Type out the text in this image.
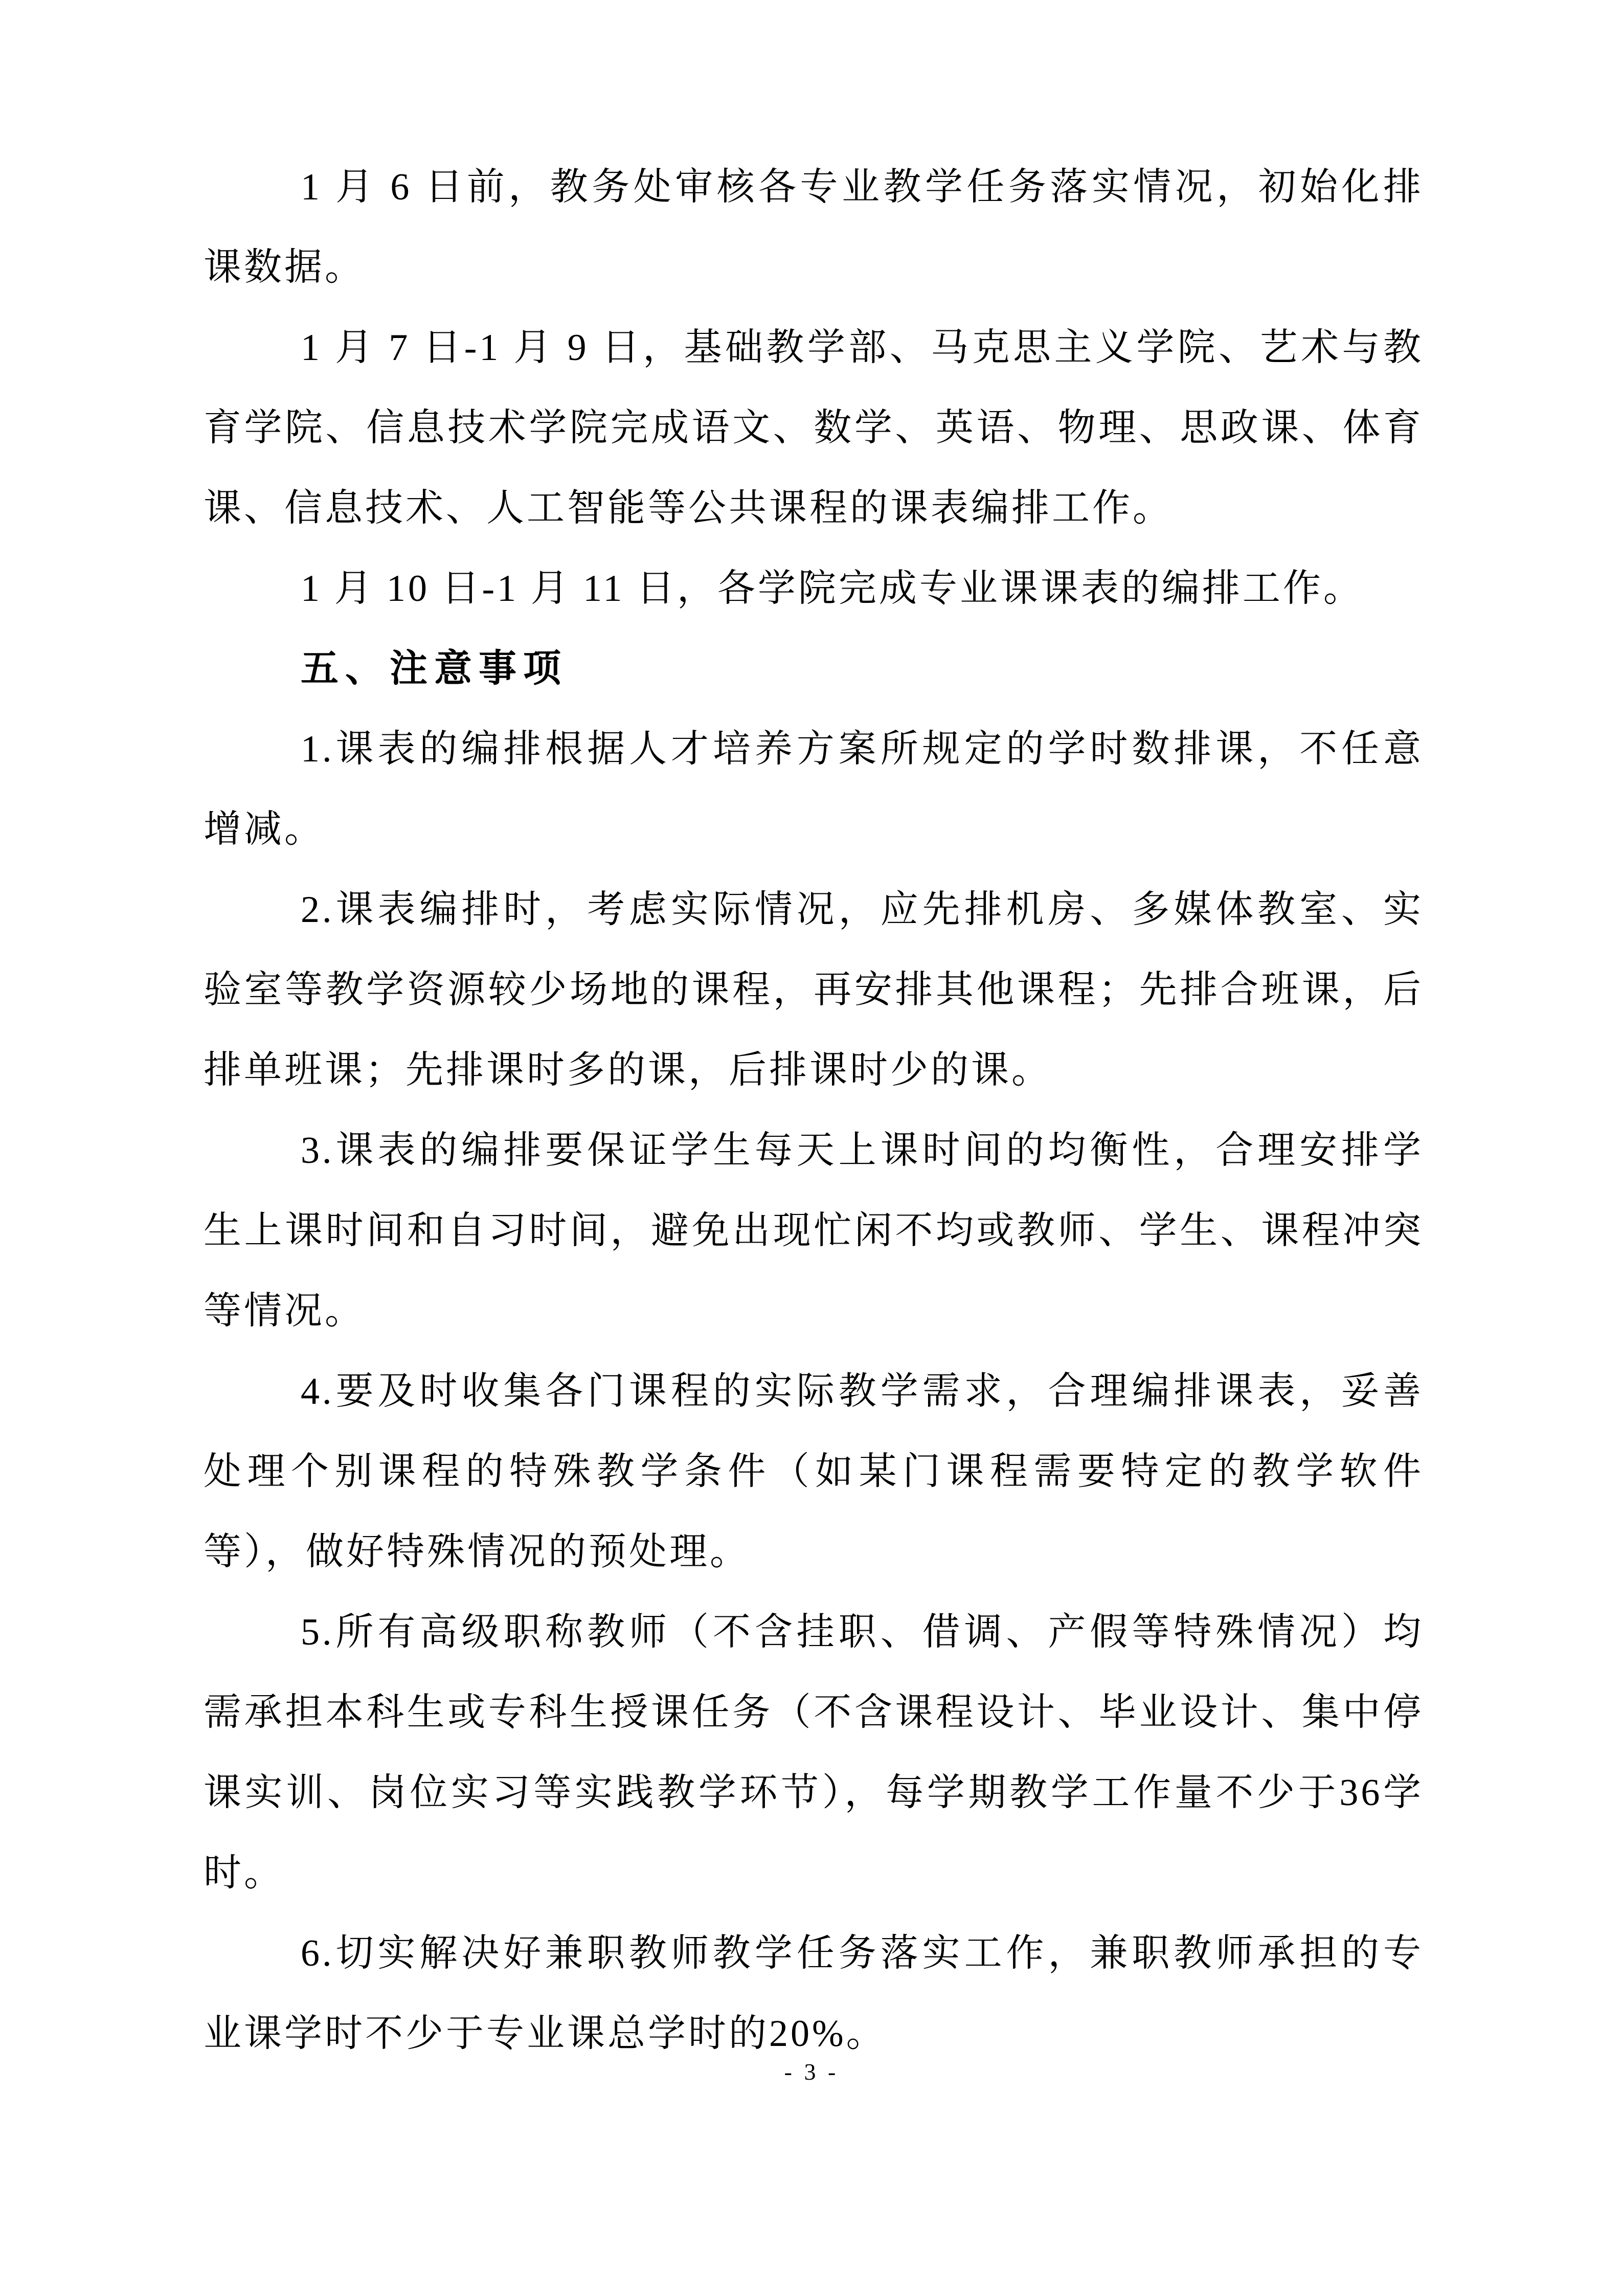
1 月 6 日前，教务处审核各专业教学任务落实情况，初始化排课数据。

1 月 7 日-1 月 9 日，基础教学部、马克思主义学院、艺术与教育学院、信息技术学院完成语文、数学、英语、物理、思政课、体育课、信息技术、人工智能等公共课程的课表编排工作。

1 月 10 日-1 月 11 日，各学院完成专业课课表的编排工作。

五、注意事项

1.课表的编排根据人才培养方案所规定的学时数排课，不任意增减。

2.课表编排时，考虑实际情况，应先排机房、多媒体教室、实验室等教学资源较少场地的课程，再安排其他课程；先排合班课，后排单班课；先排课时多的课，后排课时少的课。

3.课表的编排要保证学生每天上课时间的均衡性，合理安排学生上课时间和自习时间，避免出现忙闲不均或教师、学生、课程冲突等情况。

4.要及时收集各门课程的实际教学需求，合理编排课表，妥善处理个别课程的特殊教学条件（如某门课程需要特定的教学软件等），做好特殊情况的预处理。

5.所有高级职称教师（不含挂职、借调、产假等特殊情况）均需承担本科生或专科生授课任务（不含课程设计、毕业设计、集中停课实训、岗位实习等实践教学环节），每学期教学工作量不少于36学时。

6.切实解决好兼职教师教学任务落实工作，兼职教师承担的专业课学时不少于专业课总学时的20%。

- 3 -
